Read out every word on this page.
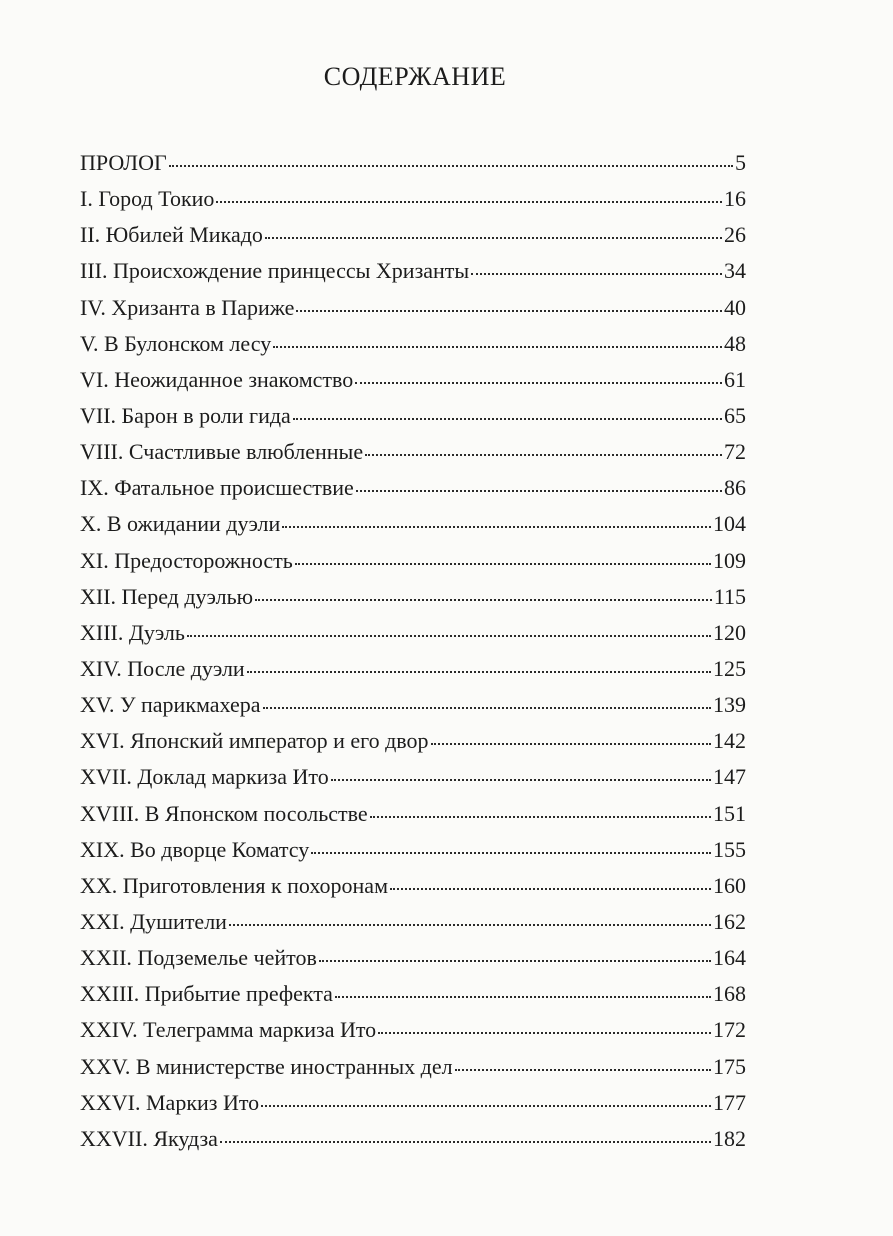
СОДЕРЖАНИЕ
ПРОЛОГ	5
I. Город Токио	16
II. Юбилей Микадо	26
III. Происхождение принцессы Хризанты	34
IV. Хризанта в Париже	40
V. В Булонском лесу	48
VI. Неожиданное знакомство	61
VII. Барон в роли гида	65
VIII. Счастливые влюбленные	72
IX. Фатальное происшествие	86
X. В ожидании дуэли	104
XI. Предосторожность	109
XII. Перед дуэлью	115
XIII. Дуэль	120
XIV. После дуэли	125
XV. У парикмахера	139
XVI. Японский император и его двор	142
XVII. Доклад маркиза Ито	147
XVIII. В Японском посольстве	151
XIX. Во дворце Коматсу	155
XX. Приготовления к похоронам	160
XXI. Душители	162
XXII. Подземелье чейтов	164
XXIII. Прибытие префекта	168
XXIV. Телеграмма маркиза Ито	172
XXV. В министерстве иностранных дел	175
XXVI. Маркиз Ито	177
XXVII. Якудза	182
